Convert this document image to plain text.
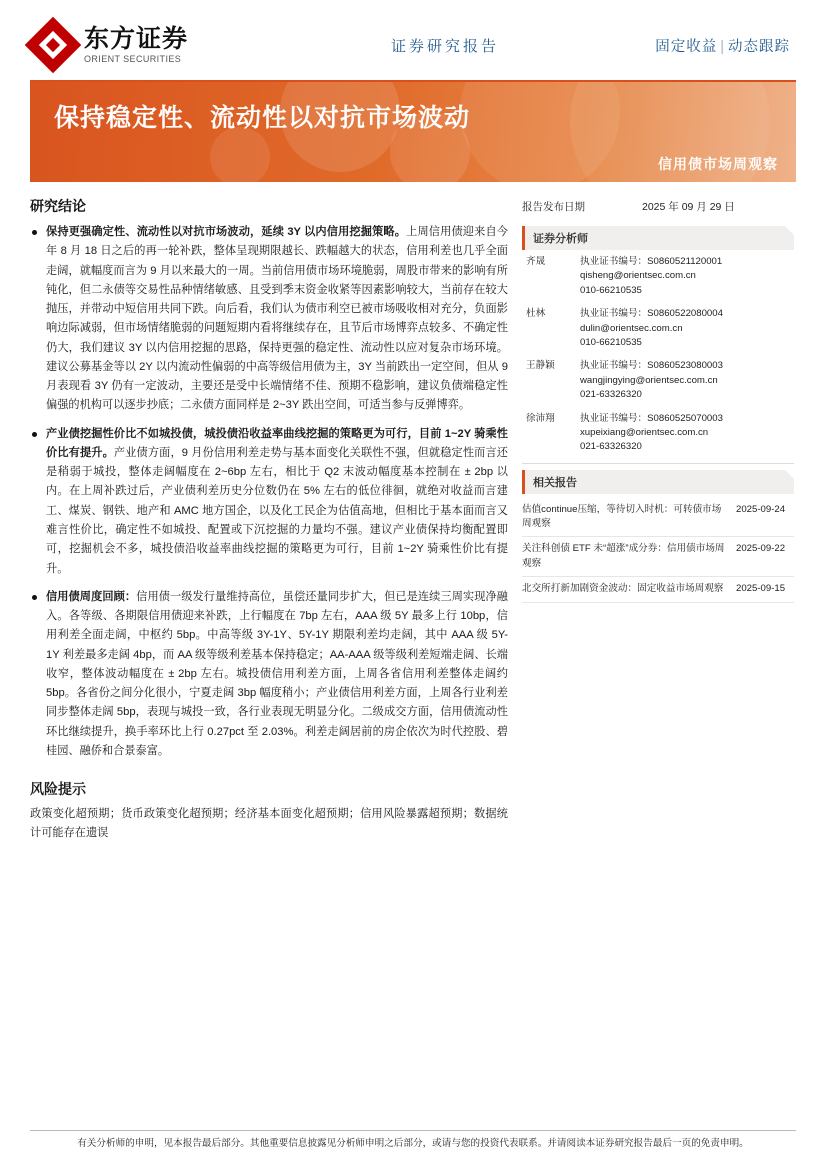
东方证券
ORIENT SECURITIES
证券研究报告	固定收益 | 动态跟踪
保持稳定性、流动性以对抗市场波动
信用债市场周观察
研究结论
保持更强确定性、流动性以对抗市场波动，延续 3Y 以内信用挖掘策略。上周信用债迎来自今年 8 月 18 日之后的再一轮补跌，整体呈现期限越长、跌幅越大的状态，信用利差也几乎全面走阔，就幅度而言为 9 月以来最大的一周。当前信用债市场环境脆弱，周股市带来的影响有所钝化，但二永债等交易性品种情绪敏感、且受到季末资金收紧等因素影响较大，当前存在较大抛压，并带动中短信用共同下跌。向后看，我们认为债市利空已被市场吸收相对充分，负面影响边际减弱，但市场情绪脆弱的问题短期内看将继续存在，且节后市场博弈点较多、不确定性仍大，我们建议 3Y 以内信用挖掘的思路，保持更强的稳定性、流动性以应对复杂市场环境。建议公募基金等以 2Y 以内流动性偏弱的中高等级信用债为主，3Y 当前跌出一定空间，但从 9 月表现看 3Y 仍有一定波动，主要还是受中长端情绪不佳、预期不稳影响，建议负债端稳定性偏强的机构可以逐步抄底；二永债方面同样是 2~3Y 跌出空间，可适当参与反弹博弈。
产业债挖掘性价比不如城投债，城投债沿收益率曲线挖掘的策略更为可行，目前 1~2Y 骑乘性价比有提升。产业债方面，9 月份信用利差走势与基本面变化关联性不强，但就稳定性而言还是稍弱于城投，整体走阔幅度在 2~6bp 左右，相比于 Q2 末波动幅度基本控制在 ± 2bp 以内。在上周补跌过后，产业债利差历史分位数仍在 5% 左右的低位徘徊，就绝对收益而言建工、煤炭、钢铁、地产和 AMC 地方国企，以及化工民企为估值高地，但相比于基本面而言又难言性价比，确定性不如城投、配置或下沉挖掘的力量均不强。建议产业债保持均衡配置即可，挖掘机会不多，城投债沿收益率曲线挖掘的策略更为可行，目前 1~2Y 骑乘性价比有提升。
信用债周度回顾：信用债一级发行量维持高位，虽偿还量同步扩大，但已是连续三周实现净融入。各等级、各期限信用债迎来补跌，上行幅度在 7bp 左右，AAA 级 5Y 最多上行 10bp，信用利差全面走阔，中枢约 5bp。中高等级 3Y-1Y、5Y-1Y 期限利差均走阔，其中 AAA 级 5Y-1Y 利差最多走阔 4bp，而 AA 级等级利差基本保持稳定；AA-AAA 级等级利差短端走阔、长端收窄，整体波动幅度在 ± 2bp 左右。城投债信用利差方面，上周各省信用利差整体走阔约 5bp。各省份之间分化很小，宁夏走阔 3bp 幅度稍小；产业债信用利差方面，上周各行业利差同步整体走阔 5bp，表现与城投一致，各行业表现无明显分化。二级成交方面，信用债流动性环比继续提升，换手率环比上行 0.27pct 至 2.03%。利差走阔居前的房企依次为时代控股、碧桂园、融侨和合景泰富。
风险提示
政策变化超预期；货币政策变化超预期；经济基本面变化超预期；信用风险暴露超预期；数据统计可能存在遗误
报告发布日期	2025 年 09 月 29 日
证券分析师
齐晟	执业证书编号：S0860521120001
qisheng@orientsec.com.cn
010-66210535
杜林	执业证书编号：S0860522080004
dulin@orientsec.com.cn
010-66210535
王静颖	执业证书编号：S0860523080003
wangjingying@orientsec.com.cn
021-63326320
徐沛翔	执业证书编号：S0860525070003
xupeixiang@orientsec.com.cn
021-63326320
相关报告
估值continue压缩，等待切入时机：可转债市场周观察
2025-09-24
关注科创债 ETF 未“超涨”成分券：信用债市场周观察
2025-09-22
北交所打新加剧资金波动：固定收益市场周观察	2025-09-15
有关分析师的申明，见本报告最后部分。其他重要信息披露见分析师申明之后部分，或请与您的投资代表联系。并请阅读本证券研究报告最后一页的免责申明。
